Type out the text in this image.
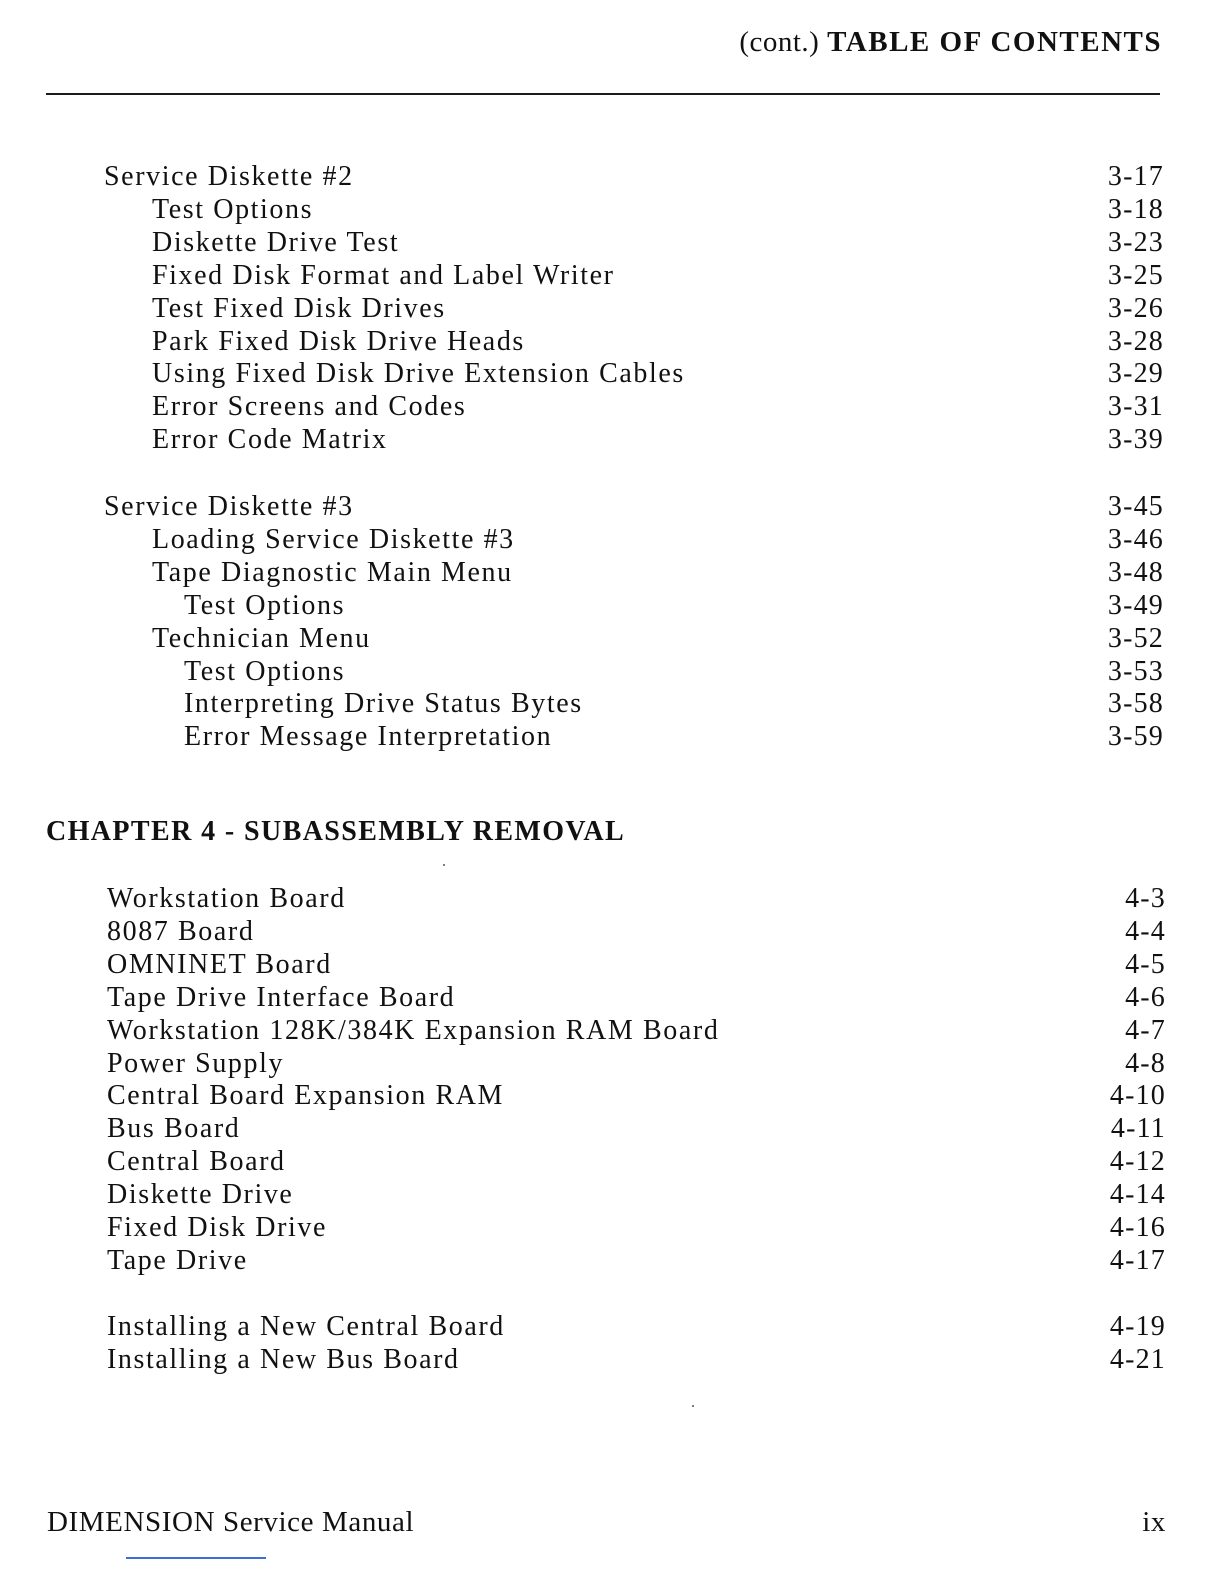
(cont.) TABLE OF CONTENTS
Service Diskette #2	3-17
Test Options	3-18
Diskette Drive Test	3-23
Fixed Disk Format and Label Writer	3-25
Test Fixed Disk Drives	3-26
Park Fixed Disk Drive Heads	3-28
Using Fixed Disk Drive Extension Cables	3-29
Error Screens and Codes	3-31
Error Code Matrix	3-39
Service Diskette #3	3-45
Loading Service Diskette #3	3-46
Tape Diagnostic Main Menu	3-48
Test Options	3-49
Technician Menu	3-52
Test Options	3-53
Interpreting Drive Status Bytes	3-58
Error Message Interpretation	3-59
CHAPTER 4 - SUBASSEMBLY REMOVAL
Workstation Board	4-3
8087 Board	4-4
OMNINET Board	4-5
Tape Drive Interface Board	4-6
Workstation 128K/384K Expansion RAM Board	4-7
Power Supply	4-8
Central Board Expansion RAM	4-10
Bus Board	4-11
Central Board	4-12
Diskette Drive	4-14
Fixed Disk Drive	4-16
Tape Drive	4-17
Installing a New Central Board	4-19
Installing a New Bus Board	4-21
DIMENSION Service Manual	ix
